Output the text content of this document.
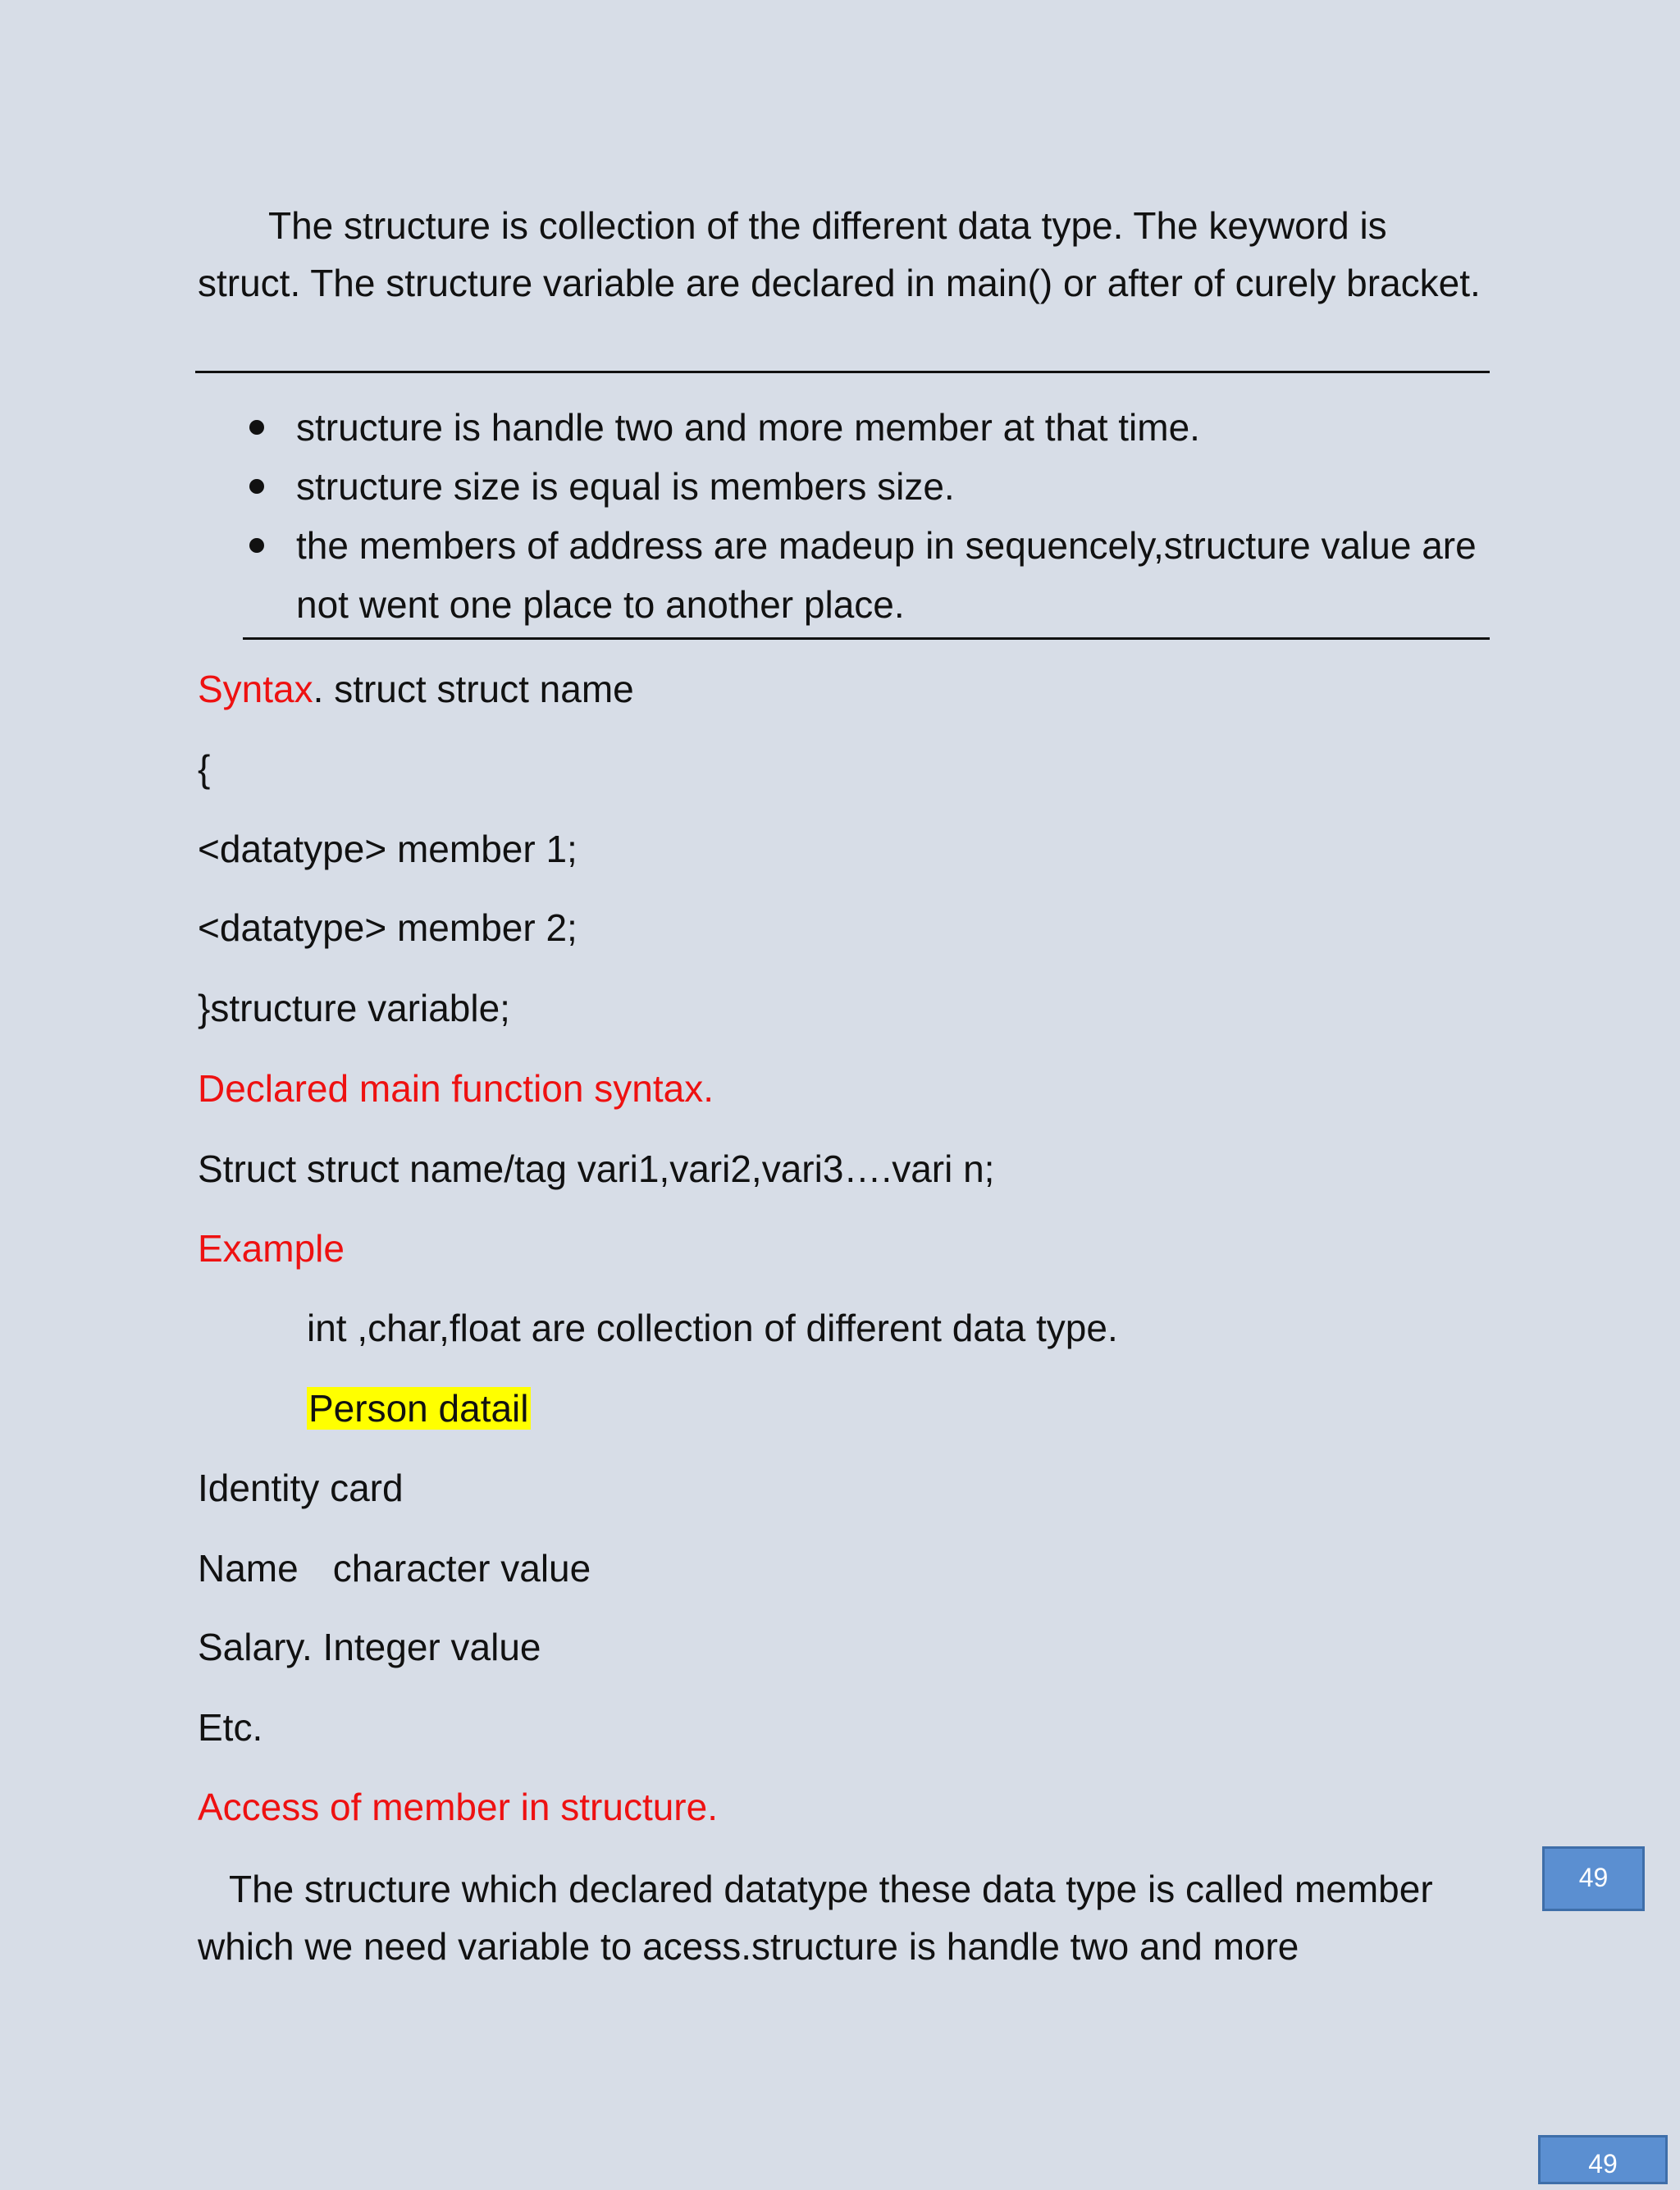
The structure is collection of the different data type. The keyword is struct. The structure variable are declared in main() or after of curely bracket.

structure is handle two and more member at that time.
structure size is equal is members size.
the members of address are madeup in sequencely,structure value are not went one place to another place.

Syntax. struct struct name

{

<datatype> member 1;

<datatype> member 2;

}structure variable;

Declared main function syntax.

Struct struct name/tag vari1,vari2,vari3….vari n;

Example

int ,char,float are collection of different data type.

Person datail

Identity card

Name character value

Salary. Integer value

Etc.

Access of member in structure.

The structure which declared datatype these data type is called member which we need variable to acess.structure is handle two and more

49
49
